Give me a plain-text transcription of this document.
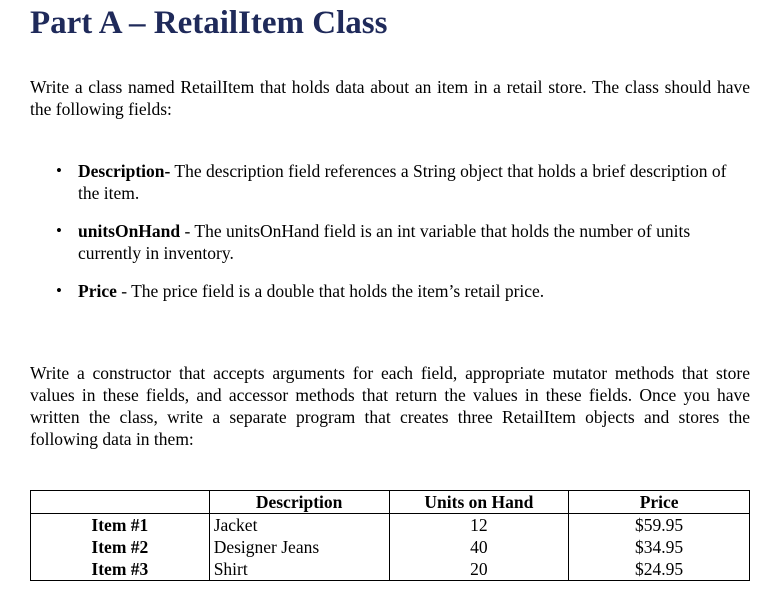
Part A – RetailItem Class

Write a class named RetailItem that holds data about an item in a retail store. The class should have the following fields:

• Description- The description field references a String object that holds a brief description of the item.
• unitsOnHand - The unitsOnHand field is an int variable that holds the number of units currently in inventory.
• Price - The price field is a double that holds the item’s retail price.

Write a constructor that accepts arguments for each field, appropriate mutator methods that store values in these fields, and accessor methods that return the values in these fields. Once you have written the class, write a separate program that creates three RetailItem objects and stores the following data in them:

	Description	Units on Hand	Price
Item #1	Jacket	12	$59.95
Item #2	Designer Jeans	40	$34.95
Item #3	Shirt	20	$24.95
